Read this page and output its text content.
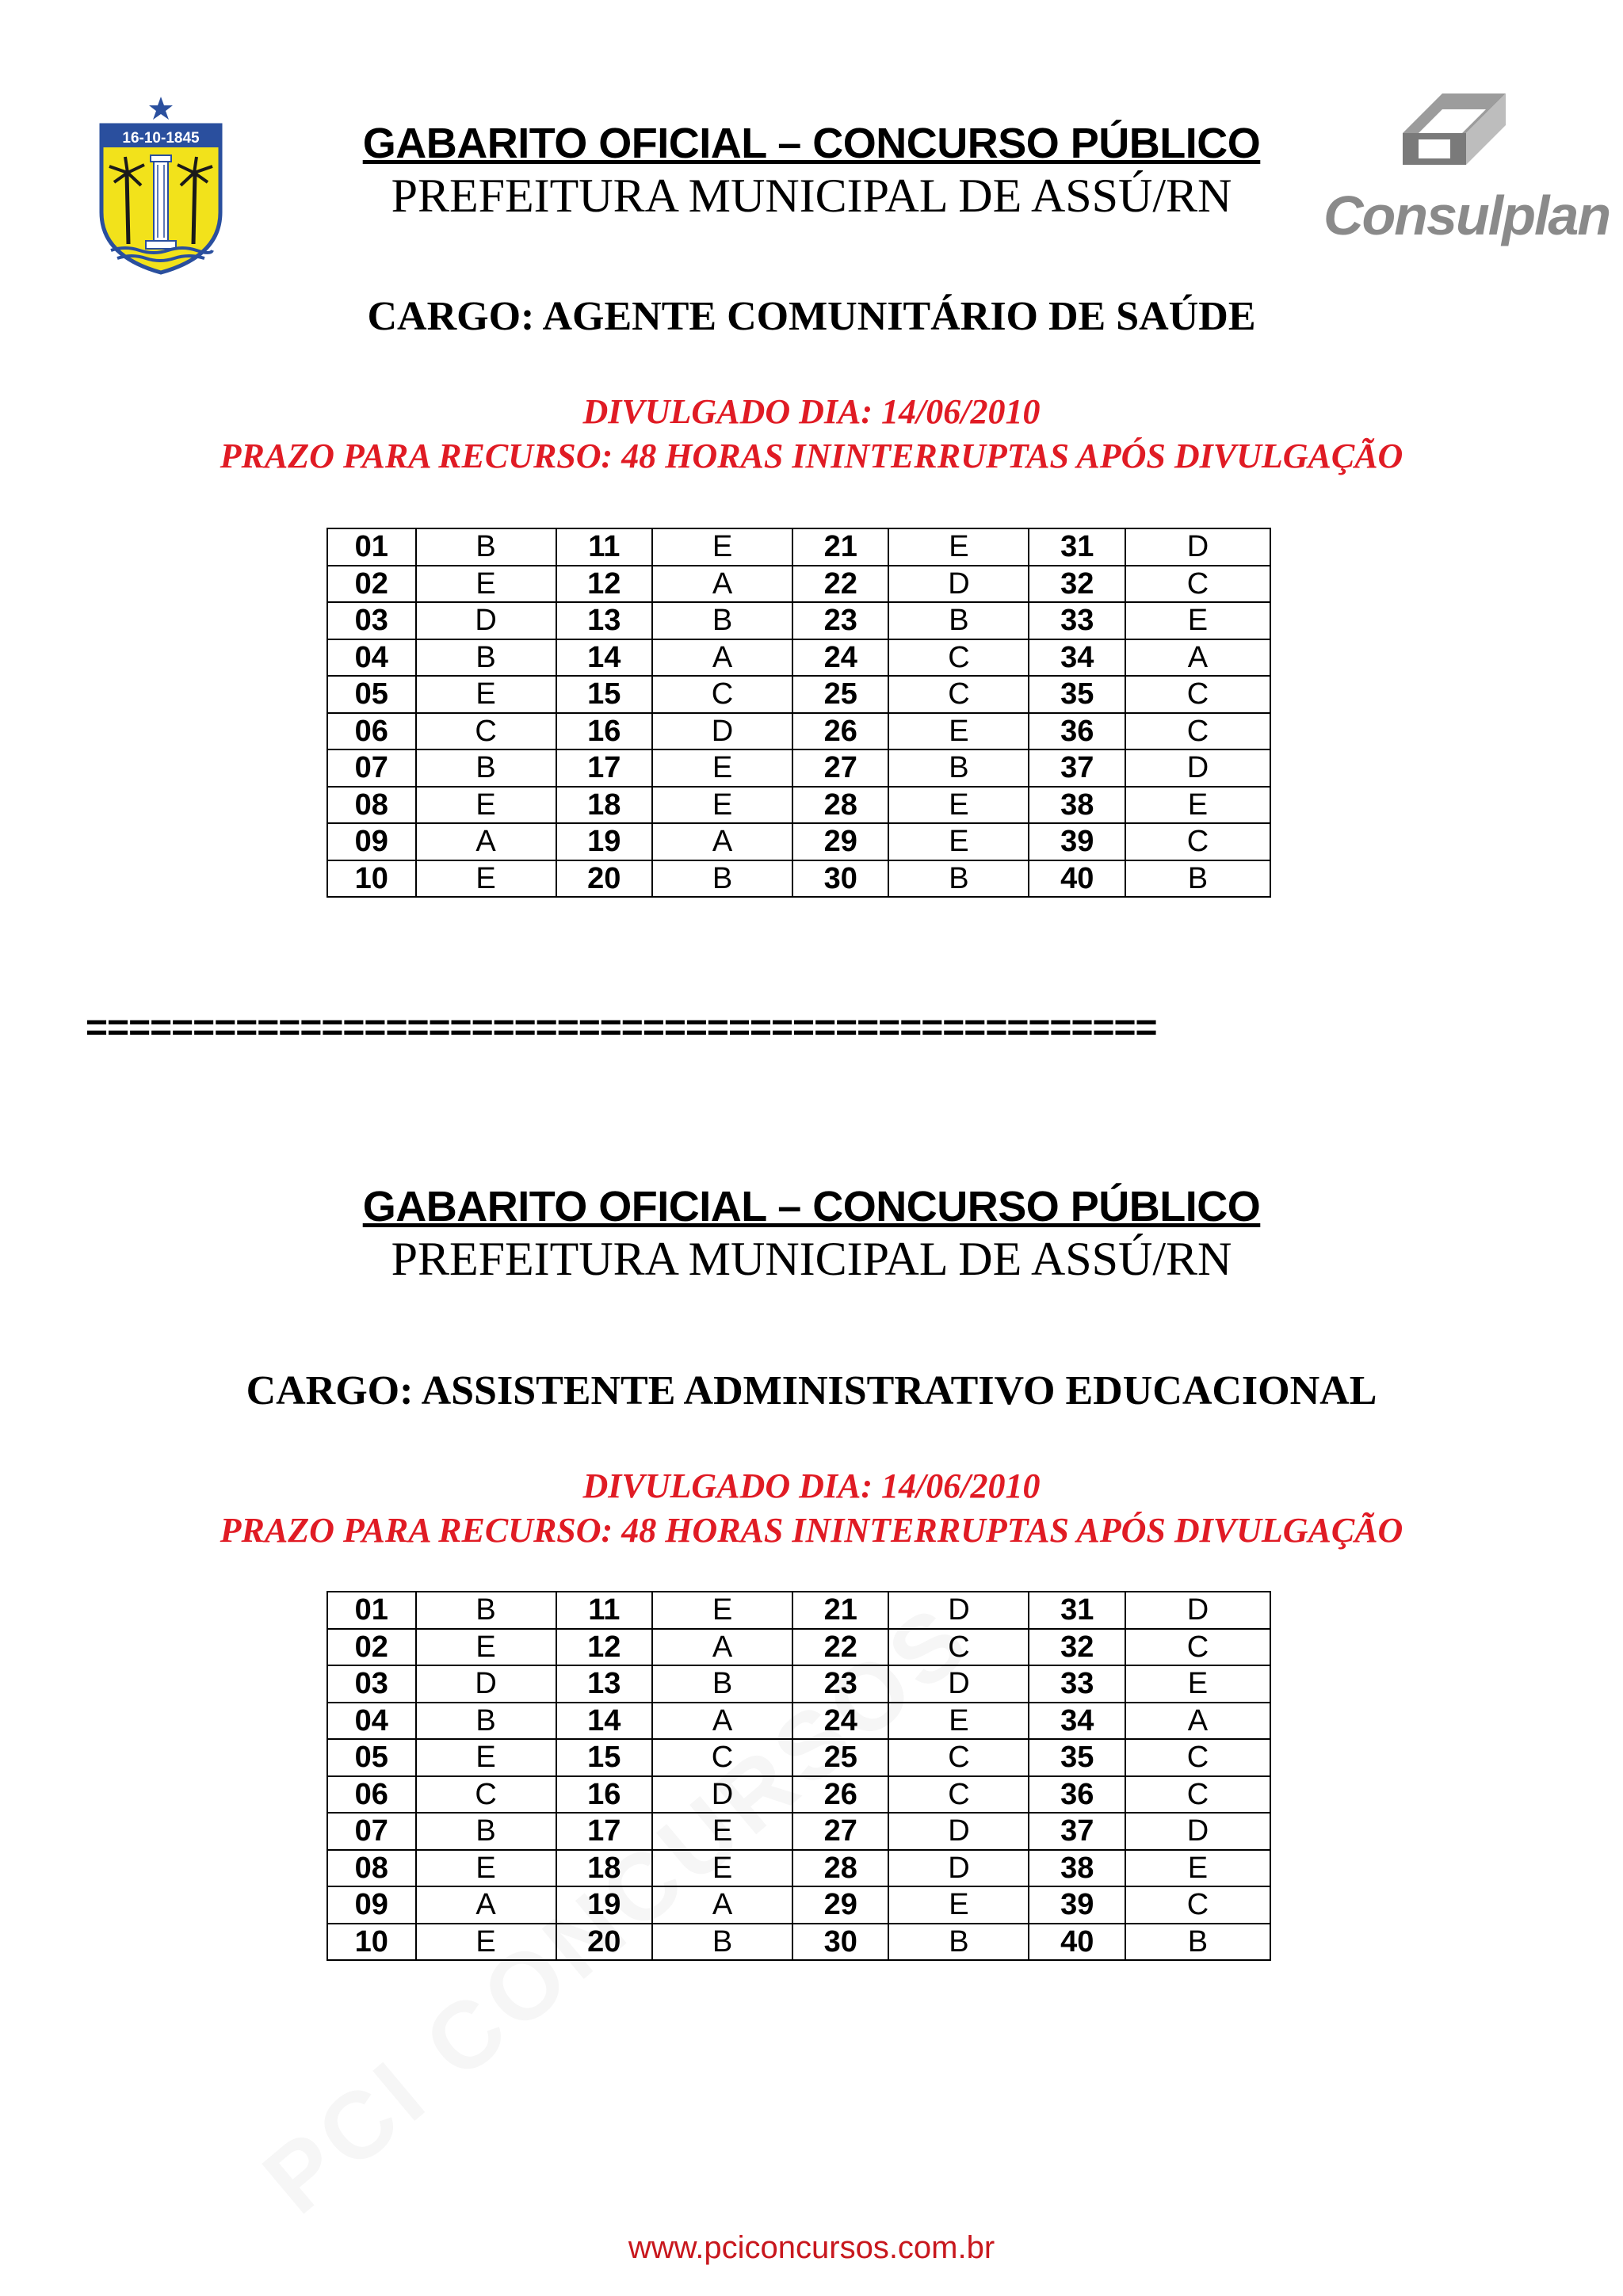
16-10-1845
Consulplan
GABARITO OFICIAL – CONCURSO PÚBLICO
PREFEITURA MUNICIPAL DE ASSÚ/RN
CARGO: AGENTE COMUNITÁRIO DE SAÚDE
DIVULGADO DIA: 14/06/2010
PRAZO PARA RECURSO: 48 HORAS ININTERRUPTAS APÓS DIVULGAÇÃO
01	B	11	E	21	E	31	D
02	E	12	A	22	D	32	C
03	D	13	B	23	B	33	E
04	B	14	A	24	C	34	A
05	E	15	C	25	C	35	C
06	C	16	D	26	E	36	C
07	B	17	E	27	B	37	D
08	E	18	E	28	E	38	E
09	A	19	A	29	E	39	C
10	E	20	B	30	B	40	B
==================================================
GABARITO OFICIAL – CONCURSO PÚBLICO
PREFEITURA MUNICIPAL DE ASSÚ/RN
CARGO: ASSISTENTE ADMINISTRATIVO EDUCACIONAL
DIVULGADO DIA: 14/06/2010
PRAZO PARA RECURSO: 48 HORAS ININTERRUPTAS APÓS DIVULGAÇÃO
01	B	11	E	21	D	31	D
02	E	12	A	22	C	32	C
03	D	13	B	23	D	33	E
04	B	14	A	24	E	34	A
05	E	15	C	25	C	35	C
06	C	16	D	26	C	36	C
07	B	17	E	27	D	37	D
08	E	18	E	28	D	38	E
09	A	19	A	29	E	39	C
10	E	20	B	30	B	40	B
www.pciconcursos.com.br
